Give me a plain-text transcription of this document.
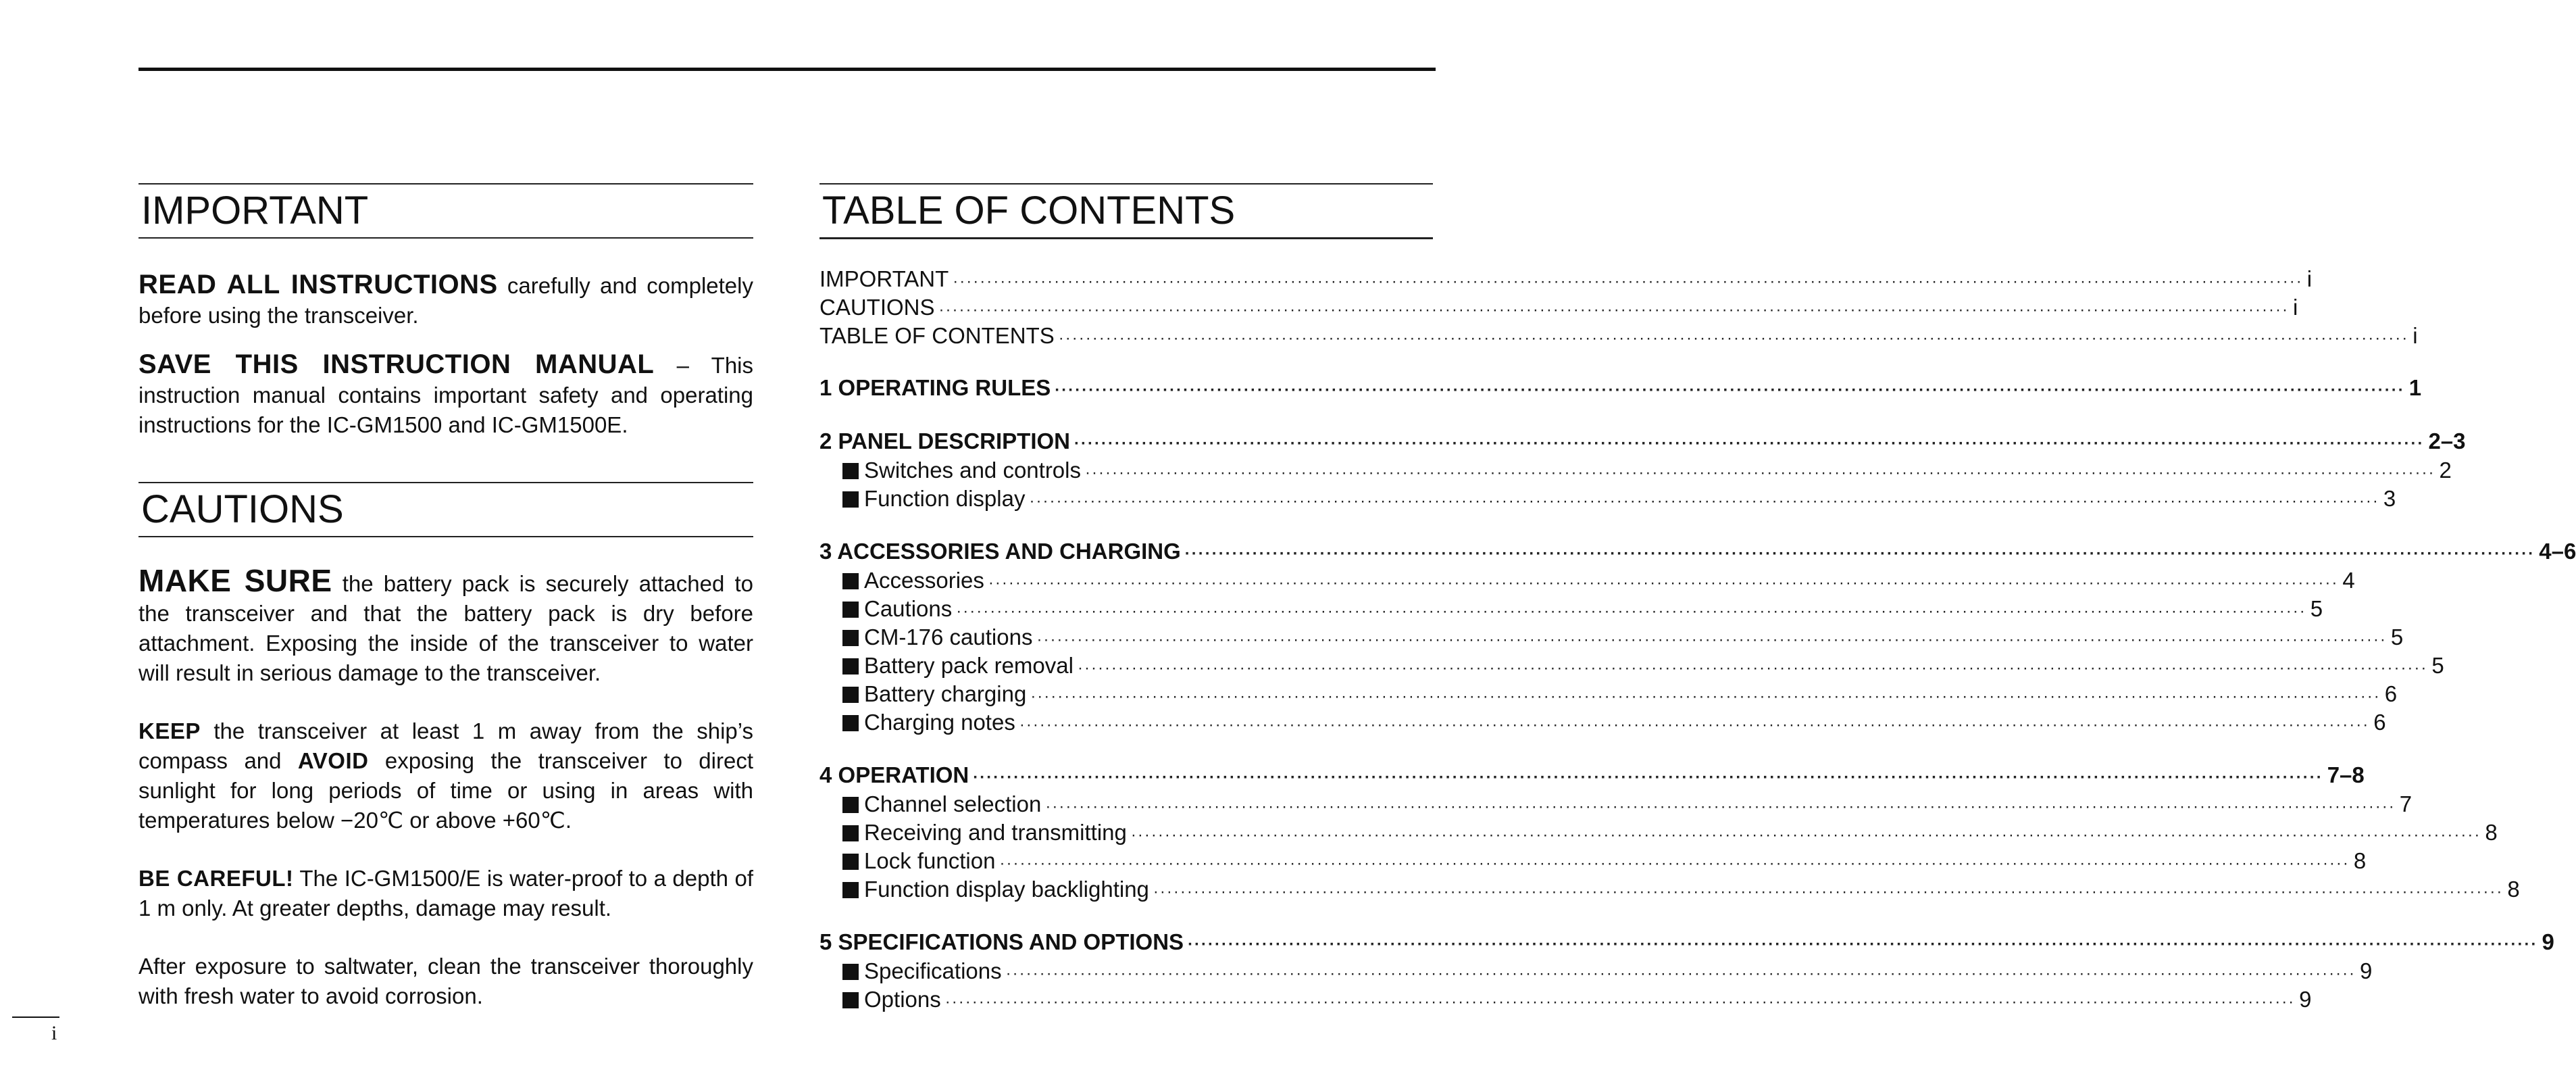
IMPORTANT

READ ALL INSTRUCTIONS carefully and completely before using the transceiver.

SAVE THIS INSTRUCTION MANUAL – This instruction manual contains important safety and operating instructions for the IC-GM1500 and IC-GM1500E.

CAUTIONS

MAKE SURE the battery pack is securely attached to the transceiver and that the battery pack is dry before attachment. Exposing the inside of the transceiver to water will result in serious damage to the transceiver.

KEEP the transceiver at least 1 m away from the ship’s compass and AVOID exposing the transceiver to direct sunlight for long periods of time or using in areas with temperatures below −20℃ or above +60℃.

BE CAREFUL! The IC-GM1500/E is water-proof to a depth of 1 m only. At greater depths, damage may result.

After exposure to saltwater, clean the transceiver thoroughly with fresh water to avoid corrosion.

TABLE OF CONTENTS
IMPORTANT ········································································································································································································ i
CAUTIONS ········································································································································································································ i
TABLE OF CONTENTS ········································································································································································································ i
1 OPERATING RULES ········································································································································································································ 1
2 PANEL DESCRIPTION ········································································································································································································ 2–3
Switches and controls ········································································································································································································ 2
Function display ········································································································································································································ 3
3 ACCESSORIES AND CHARGING ········································································································································································································ 4–6
Accessories ········································································································································································································ 4
Cautions ········································································································································································································ 5
CM-176 cautions ········································································································································································································ 5
Battery pack removal ········································································································································································································ 5
Battery charging ········································································································································································································ 6
Charging notes ········································································································································································································ 6
4 OPERATION ········································································································································································································ 7–8
Channel selection ········································································································································································································ 7
Receiving and transmitting ········································································································································································································ 8
Lock function ········································································································································································································ 8
Function display backlighting ········································································································································································································ 8
5 SPECIFICATIONS AND OPTIONS ········································································································································································································ 9
Specifications ········································································································································································································ 9
Options ········································································································································································································ 9
i
